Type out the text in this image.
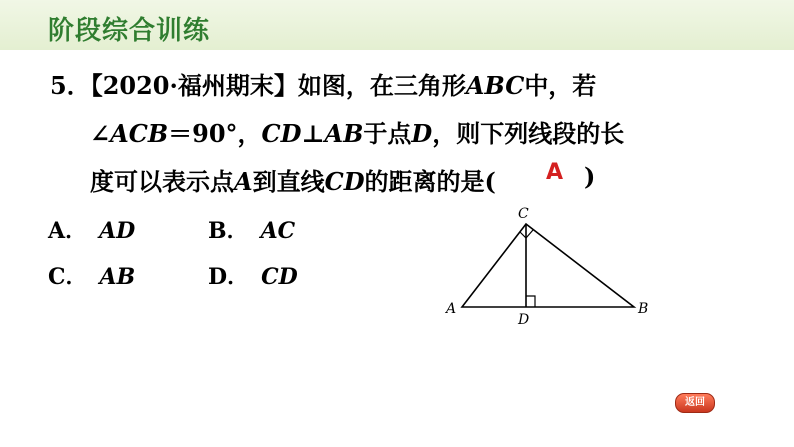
阶段综合训练
5．【2020·福州期末】如图，在三角形ABC中，若
∠ACB＝90°，CD⊥AB于点D，则下列线段的长
度可以表示点A到直线CD的距离的是( A )
A． AD	B． AC
C． AB	D． CD
C
A	B
D
返回
